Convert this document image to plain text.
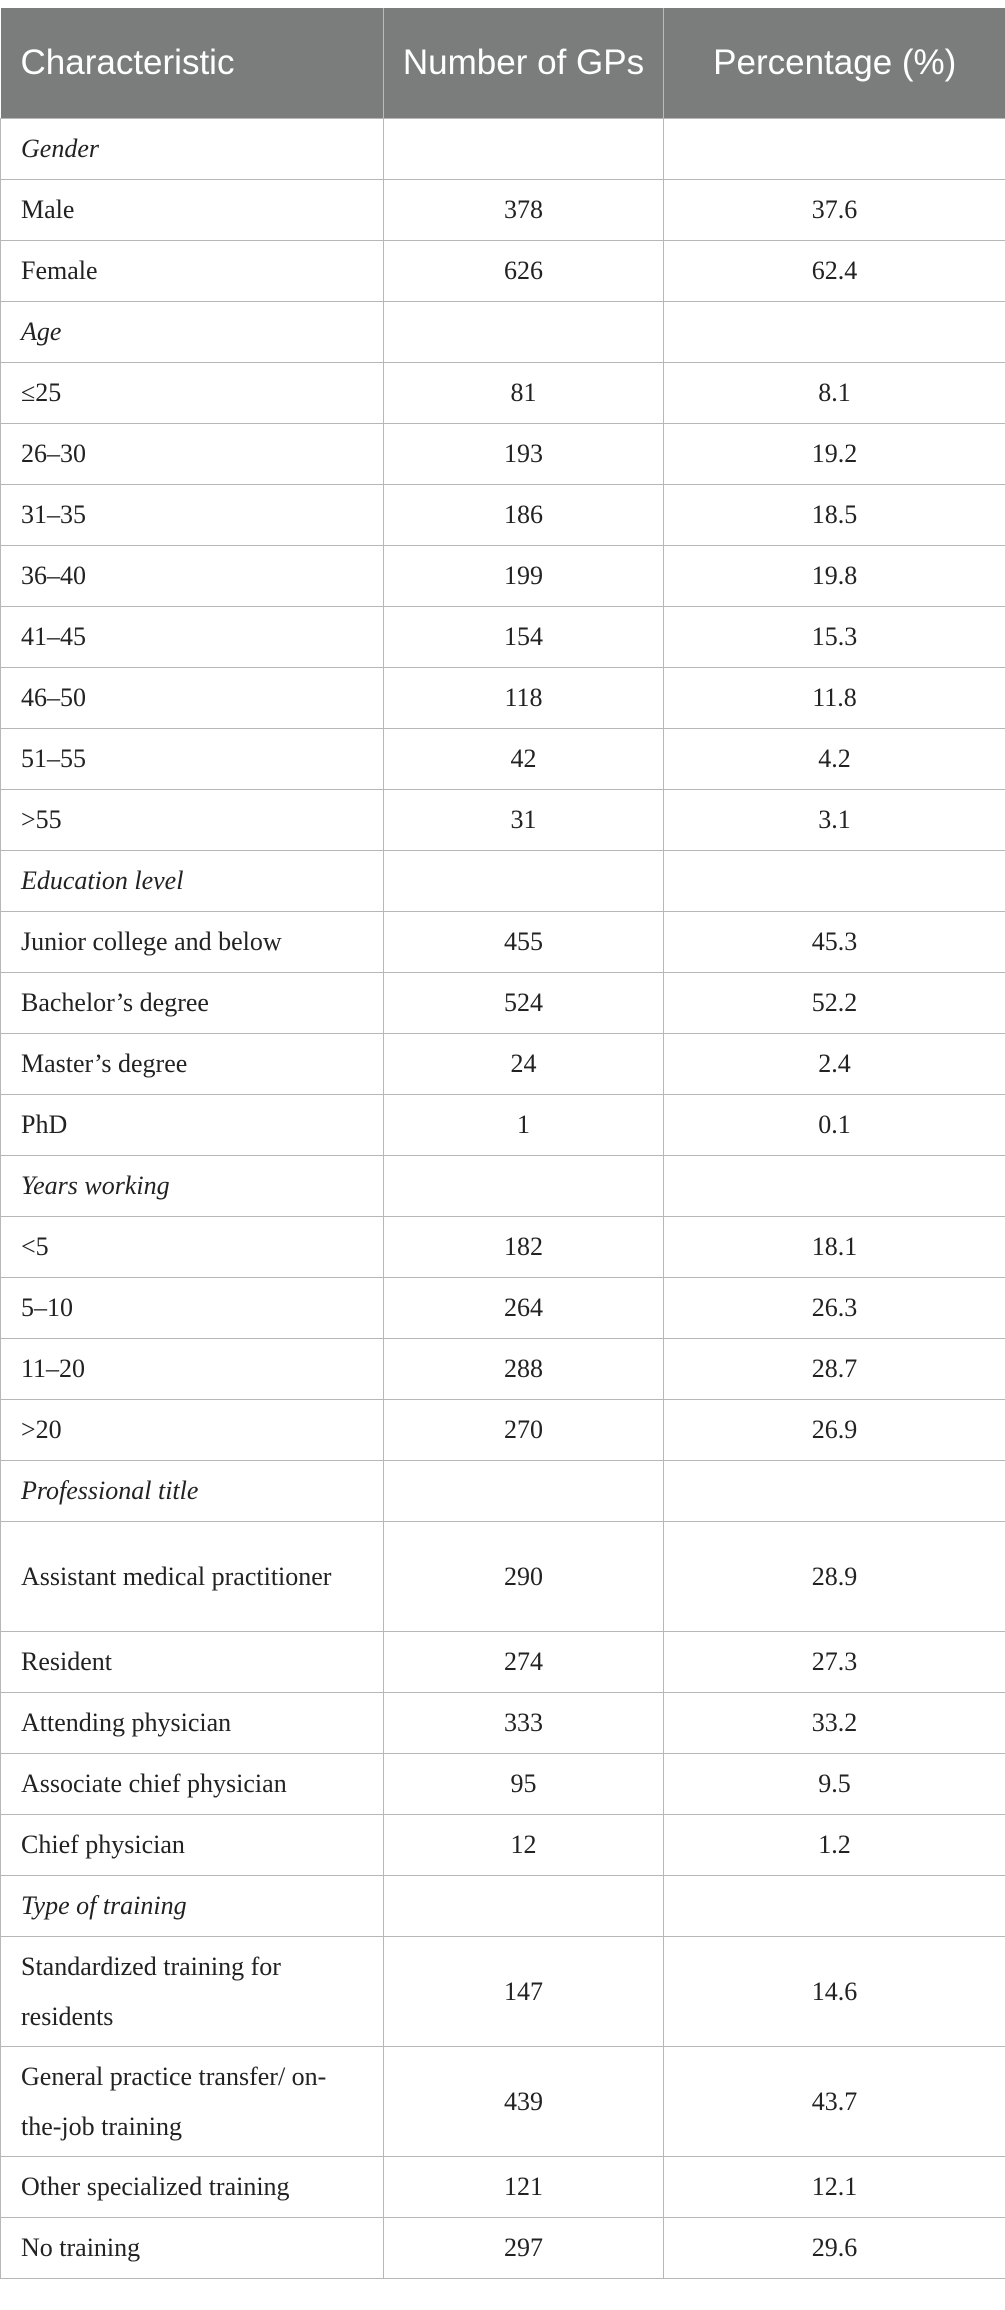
Characteristic	Number of GPs	Percentage (%)
Gender		
Male	378	37.6
Female	626	62.4
Age		
≤25	81	8.1
26–30	193	19.2
31–35	186	18.5
36–40	199	19.8
41–45	154	15.3
46–50	118	11.8
51–55	42	4.2
>55	31	3.1
Education level		
Junior college and below	455	45.3
Bachelor’s degree	524	52.2
Master’s degree	24	2.4
PhD	1	0.1
Years working		
<5	182	18.1
5–10	264	26.3
11–20	288	28.7
>20	270	26.9
Professional title		
Assistant medical practitioner	290	28.9
Resident	274	27.3
Attending physician	333	33.2
Associate chief physician	95	9.5
Chief physician	12	1.2
Type of training		
Standardized training for residents	147	14.6
General practice transfer/ on-the-job training	439	43.7
Other specialized training	121	12.1
No training	297	29.6
